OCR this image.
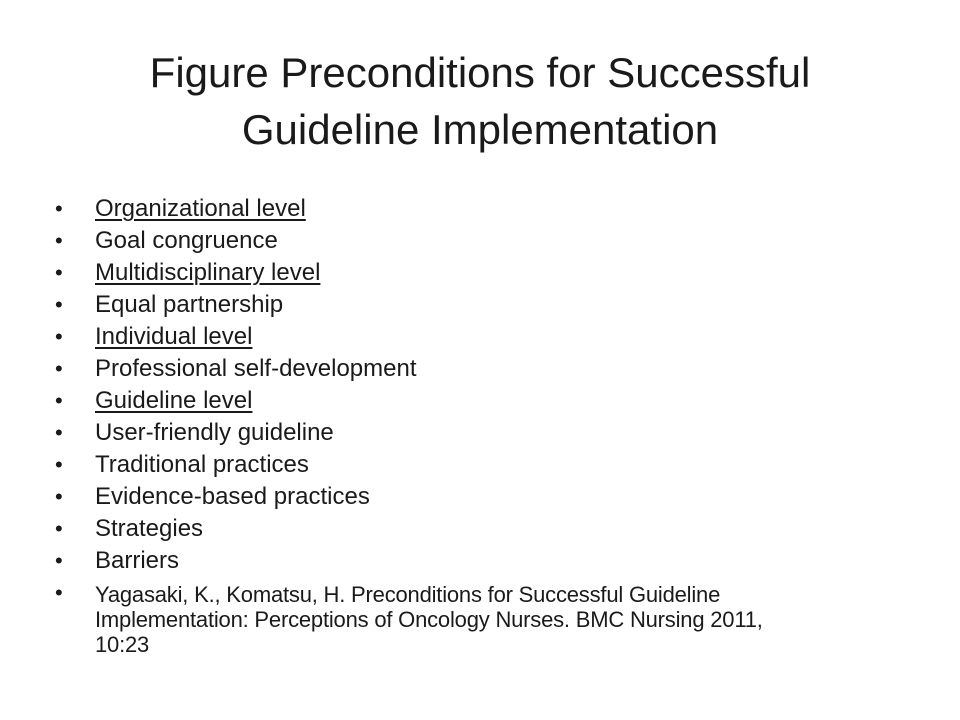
Figure Preconditions for Successful
Guideline Implementation
•	Organizational level
•	Goal congruence
•	Multidisciplinary level
•	Equal partnership
•	Individual level
•	Professional self-development
•	Guideline level
•	User-friendly guideline
•	Traditional practices
•	Evidence-based practices
•	Strategies
•	Barriers
•	Yagasaki, K., Komatsu, H. Preconditions for Successful Guideline
Implementation: Perceptions of Oncology Nurses. BMC Nursing 2011,
10:23
